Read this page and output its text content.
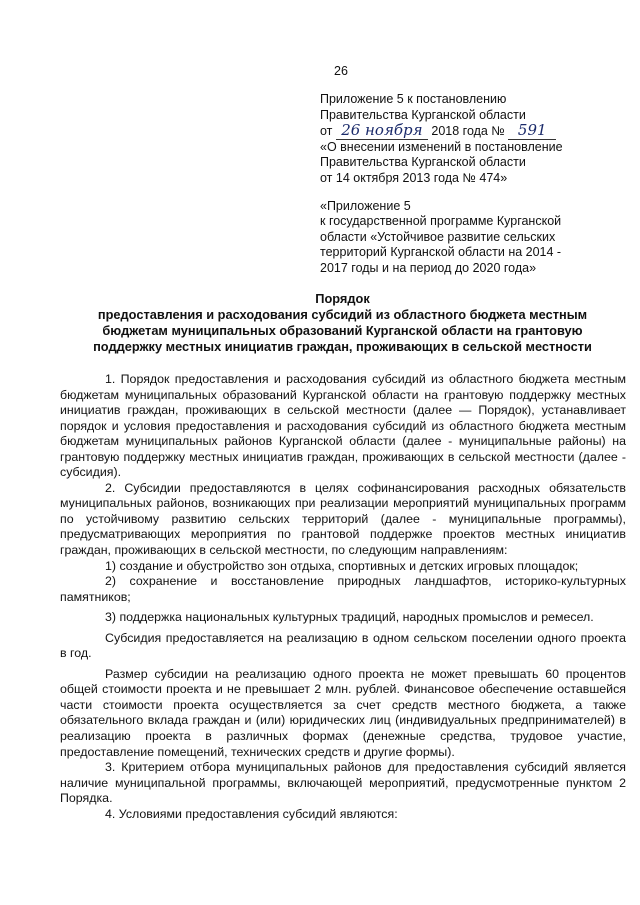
26
Приложение 5 к постановлению
Правительства Курганской области
от 26 ноября 2018 года № 591
«О внесении изменений в постановление
Правительства Курганской области
от 14 октября 2013 года № 474»
«Приложение 5
к государственной программе Курганской
области «Устойчивое развитие сельских
территорий Курганской области на 2014 -
2017 годы и на период до 2020 года»
Порядок
предоставления и расходования субсидий из областного бюджета местным
бюджетам муниципальных образований Курганской области на грантовую
поддержку местных инициатив граждан, проживающих в сельской местности

1. Порядок предоставления и расходования субсидий из областного бюджета местным бюджетам муниципальных образований Курганской области на грантовую поддержку местных инициатив граждан, проживающих в сельской местности (далее — Порядок), устанавливает порядок и условия предоставления и расходования субсидий из областного бюджета местным бюджетам муниципальных районов Курганской области (далее - муниципальные районы) на грантовую поддержку местных инициатив граждан, проживающих в сельской местности (далее - субсидия).

2. Субсидии предоставляются в целях софинансирования расходных обязательств муниципальных районов, возникающих при реализации мероприятий муниципальных программ по устойчивому развитию сельских территорий (далее - муниципальные программы), предусматривающих мероприятия по грантовой поддержке проектов местных инициатив граждан, проживающих в сельской местности, по следующим направлениям:

1) создание и обустройство зон отдыха, спортивных и детских игровых площадок;

2) сохранение и восстановление природных ландшафтов, историко-культурных памятников;

3) поддержка национальных культурных традиций, народных промыслов и ремесел.

Субсидия предоставляется на реализацию в одном сельском поселении одного проекта в год.

Размер субсидии на реализацию одного проекта не может превышать 60 процентов общей стоимости проекта и не превышает 2 млн. рублей. Финансовое обеспечение оставшейся части стоимости проекта осуществляется за счет средств местного бюджета, а также обязательного вклада граждан и (или) юридических лиц (индивидуальных предпринимателей) в реализацию проекта в различных формах (денежные средства, трудовое участие, предоставление помещений, технических средств и другие формы).

3. Критерием отбора муниципальных районов для предоставления субсидий является наличие муниципальной программы, включающей мероприятий, предусмотренные пунктом 2 Порядка.

4. Условиями предоставления субсидий являются:
